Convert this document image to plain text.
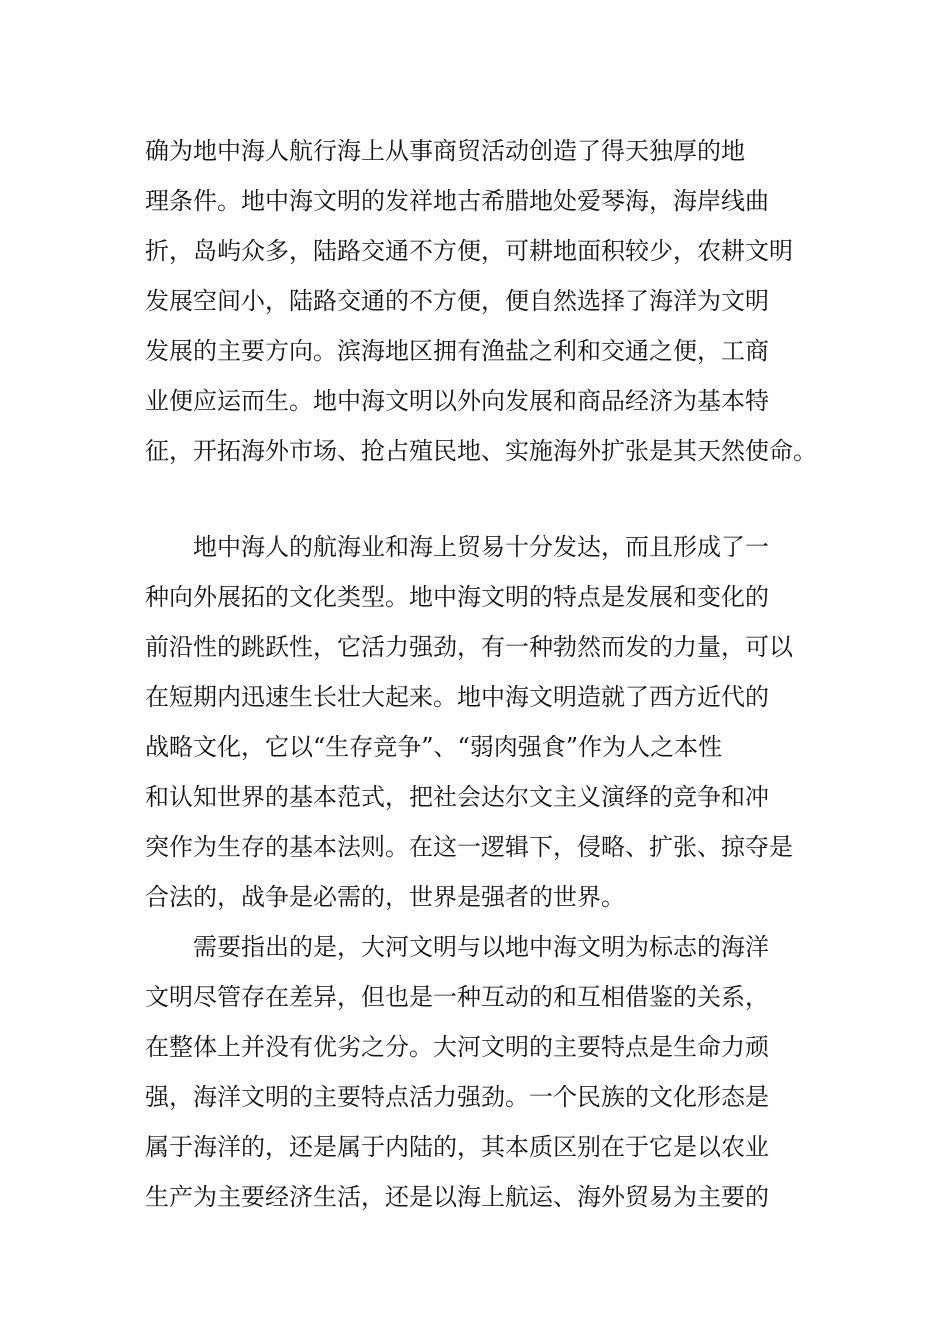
确为地中海人航行海上从事商贸活动创造了得天独厚的地
理条件。地中海文明的发祥地古希腊地处爱琴海，海岸线曲
折，岛屿众多，陆路交通不方便，可耕地面积较少，农耕文明
发展空间小，陆路交通的不方便，便自然选择了海洋为文明
发展的主要方向。滨海地区拥有渔盐之利和交通之便，工商
业便应运而生。地中海文明以外向发展和商品经济为基本特
征，开拓海外市场、抢占殖民地、实施海外扩张是其天然使命。
　　地中海人的航海业和海上贸易十分发达，而且形成了一
种向外展拓的文化类型。地中海文明的特点是发展和变化的
前沿性的跳跃性，它活力强劲，有一种勃然而发的力量，可以
在短期内迅速生长壮大起来。地中海文明造就了西方近代的
战略文化，它以“生存竞争”、“弱肉强食”作为人之本性
和认知世界的基本范式，把社会达尔文主义演绎的竞争和冲
突作为生存的基本法则。在这一逻辑下，侵略、扩张、掠夺是
合法的，战争是必需的，世界是强者的世界。
　　需要指出的是，大河文明与以地中海文明为标志的海洋
文明尽管存在差异，但也是一种互动的和互相借鉴的关系，
在整体上并没有优劣之分。大河文明的主要特点是生命力顽
强，海洋文明的主要特点活力强劲。一个民族的文化形态是
属于海洋的，还是属于内陆的，其本质区别在于它是以农业
生产为主要经济生活，还是以海上航运、海外贸易为主要的
